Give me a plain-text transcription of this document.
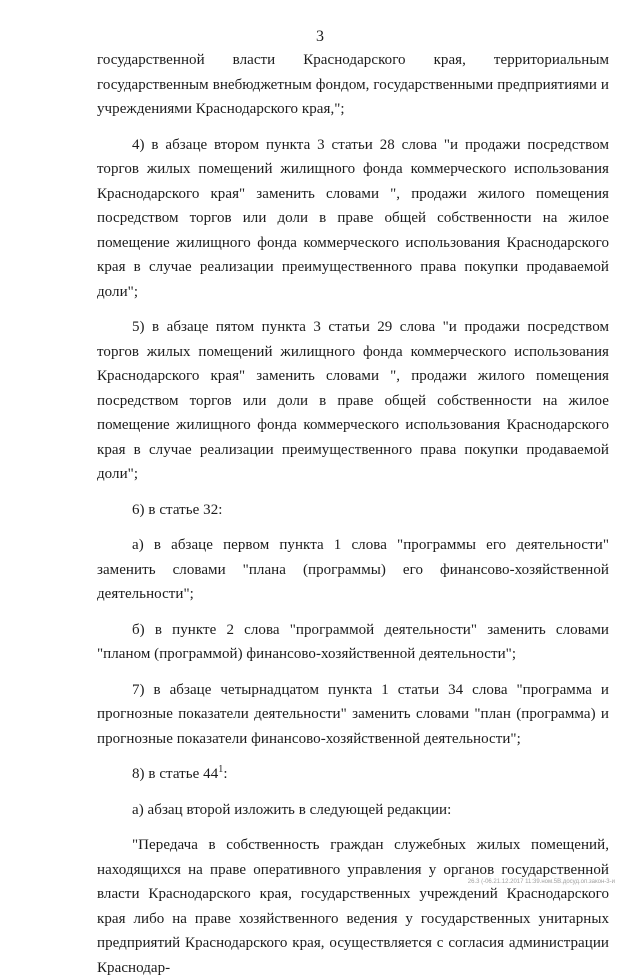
3

государственной власти Краснодарского края, территориальным государственным внебюджетным фондом, государственными предприятиями и учреждениями Краснодарского края,";

4) в абзаце втором пункта 3 статьи 28 слова "и продажи посредством торгов жилых помещений жилищного фонда коммерческого использования Краснодарского края" заменить словами ", продажи жилого помещения посредством торгов или доли в праве общей собственности на жилое помещение жилищного фонда коммерческого использования Краснодарского края в случае реализации преимущественного права покупки продаваемой доли";

5) в абзаце пятом пункта 3 статьи 29 слова "и продажи посредством торгов жилых помещений жилищного фонда коммерческого использования Краснодарского края" заменить словами ", продажи жилого помещения посредством торгов или доли в праве общей собственности на жилое помещение жилищного фонда коммерческого использования Краснодарского края в случае реализации преимущественного права покупки продаваемой доли";

6) в статье 32:

а) в абзаце первом пункта 1 слова "программы его деятельности" заменить словами "плана (программы) его финансово-хозяйственной деятельности";

б) в пункте 2 слова "программой деятельности" заменить словами "планом (программой) финансово-хозяйственной деятельности";

7) в абзаце четырнадцатом пункта 1 статьи 34 слова "программа и прогнозные показатели деятельности" заменить словами "план (программа) и прогнозные показатели финансово-хозяйственной деятельности";

8) в статье $44^1$:

а) абзац второй изложить в следующей редакции:

"Передача в собственность граждан служебных жилых помещений, находящихся на праве оперативного управления у органов государственной власти Краснодарского края, государственных учреждений Краснодарского края либо на праве хозяйственного ведения у государственных унитарных предприятий Краснодарского края, осуществляется с согласия администрации Краснодар-

26.3 (-06.21.12.2017 11:39.ном.5В.досуд.оп.закон-3-и
